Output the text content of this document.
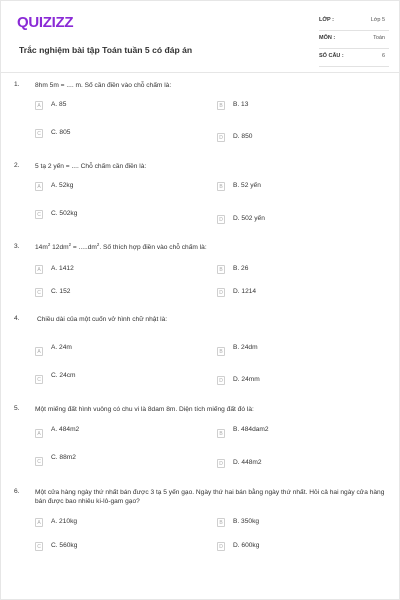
QUIZIZZ
Trắc nghiệm bài tập Toán tuần 5 có đáp án
LỚP :	Lớp 5
MÔN :	Toán
SỐ CÂU :	6
1. 8hm 5m = .... m. Số cần điền vào chỗ chấm là:
A	A. 85	B	B. 13
C	C. 805
D	D. 850
2. 5 tạ 2 yến = .... Chỗ chấm cần điền là:
A	A. 52kg	B	B. 52 yến
C	C. 502kg
D	D. 502 yến
3. $14m^2$ $12dm^2 = .....dm^2$. Số thích hợp điền vào chỗ chấm là:
A	A. 1412	B	B. 26
C	C. 152	D	D. 1214
4.	Chiều dài của một cuốn vở hình chữ nhật là:
A
A. 24m
B
B. 24dm
C
C. 24cm
D	D. 24mm
5. Một miếng đất hình vuông có chu vi là 8dam 8m. Diện tích miếng đất đó là:
A
A. 484m2
B
B. 484dam2
C
C. 88m2
D	D. 448m2
6. Một cửa hàng ngày thứ nhất bán được 3 tạ 5 yến gạo. Ngày thứ hai bán bằng ngày thứ nhất. Hỏi cả hai ngày cửa hàng bán được bao nhiêu ki-lô-gam gạo?
A	A. 210kg	B	B. 350kg
C	C. 560kg	D	D. 600kg
